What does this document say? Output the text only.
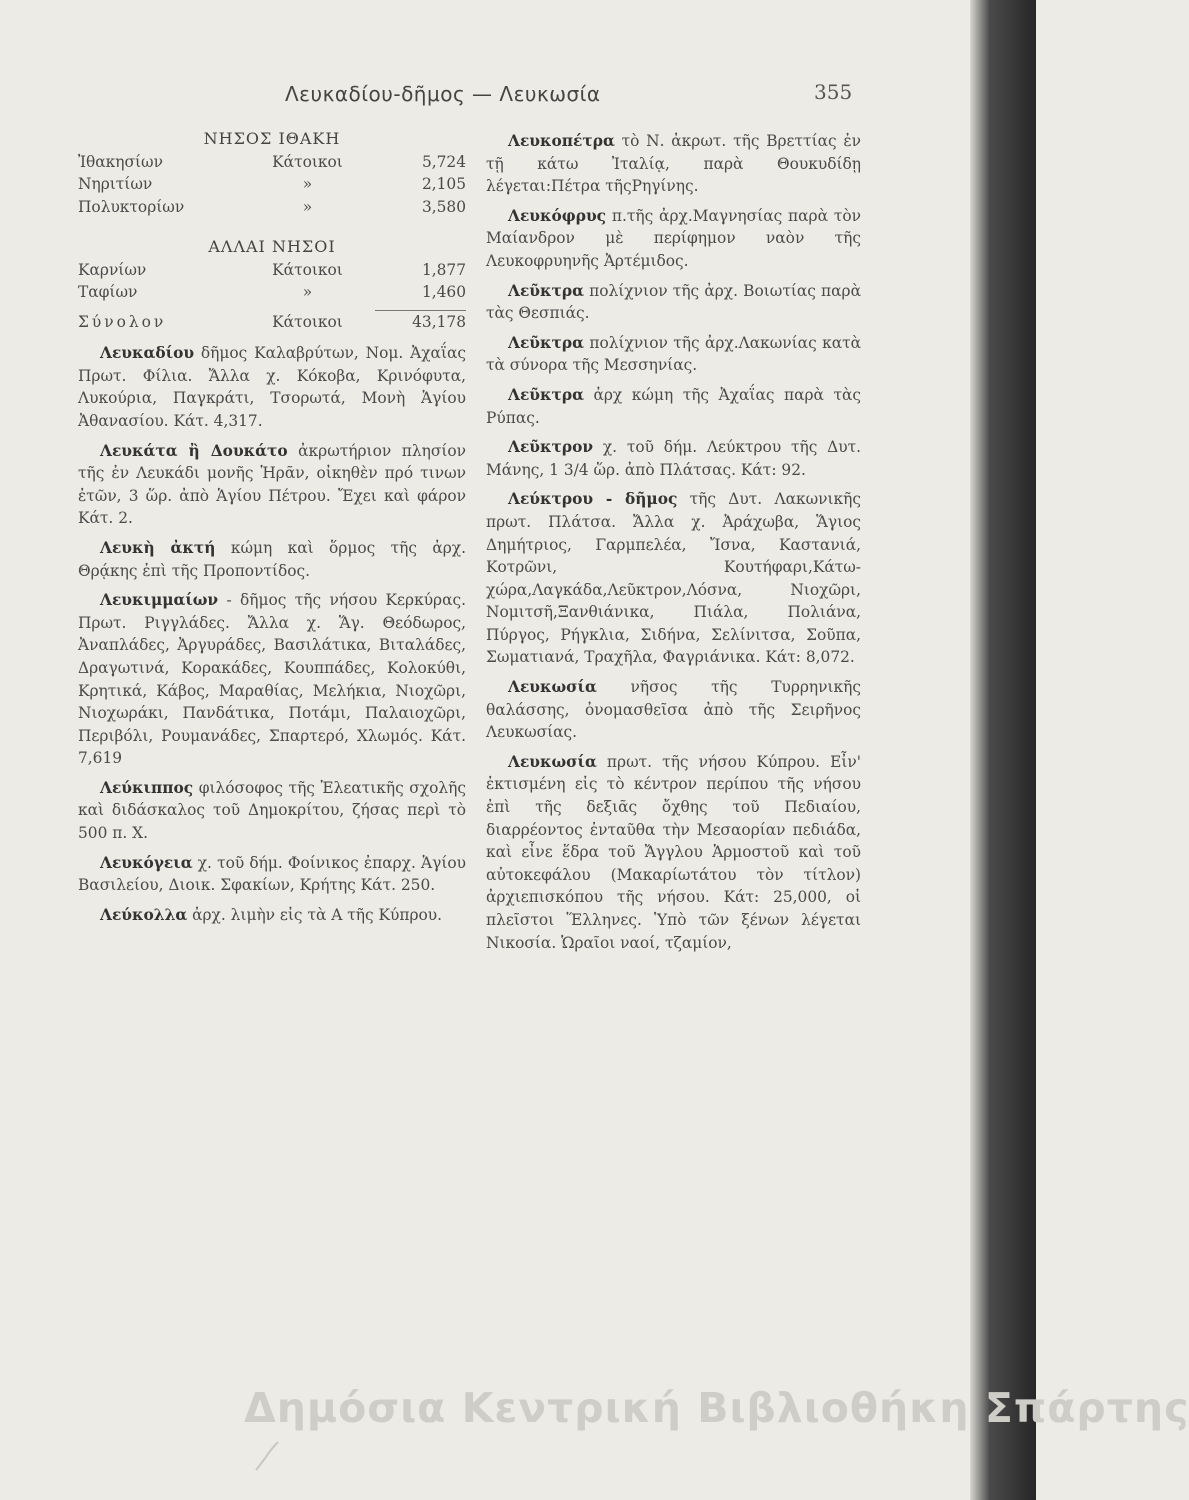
Λευκαδίου-δῆμος — Λευκωσία	355
ΝΗΣΟΣ ΙΘΑΚΗ
Ἰθακησίων	Κάτοικοι	5,724
Νηριτίων	»	2,105
Πολυκτορίων	»	3,580
ΑΛΛΑΙ ΝΗΣΟΙ
Καρνίων	Κάτοικοι	1,877
Ταφίων	»	1,460
Σύνολον	Κάτοικοι	43,178

Λευκαδίου δῆμος Καλαβρύτων, Νομ. Ἀχαΐας Πρωτ. Φίλια. Ἄλλα χ. Κόκοβα, Κρινόφυτα, Λυκούρια, Παγκράτι, Τσορωτά, Μονὴ Ἁγίου Ἀθανασίου. Κάτ. 4,317.

Λευκάτα ἢ Δουκάτο ἀκρωτήριον πλησίον τῆς ἐν Λευκάδι μονῆς Ἡρᾶν, οἰκηθὲν πρό τινων ἐτῶν, 3 ὥρ. ἀπὸ Ἁγίου Πέτρου. Ἔχει καὶ φάρον Κάτ. 2.

Λευκὴ ἀκτή κώμη καὶ ὅρμος τῆς ἀρχ. Θρᾴκης ἐπὶ τῆς Προποντίδος.

Λευκιμμαίων - δῆμος τῆς νήσου Κερκύρας. Πρωτ. Ριγγλάδες. Ἄλλα χ. Ἅγ. Θεόδωρος, Ἀναπλάδες, Ἀργυράδες, Βασιλάτικα, Βιταλάδες, Δραγωτινά, Κορακάδες, Κουππάδες, Κολοκύθι, Κρητικά, Κάβος, Μαραθίας, Μελήκια, Νιοχῶρι, Νιοχωράκι, Πανδάτικα, Ποτάμι, Παλαιοχῶρι, Περιβόλι, Ρουμανάδες, Σπαρτερό, Χλωμός. Κάτ. 7,619

Λεύκιππος φιλόσοφος τῆς Ἐλεατικῆς σχολῆς καὶ διδάσκαλος τοῦ Δημοκρίτου, ζήσας περὶ τὸ 500 π. Χ.

Λευκόγεια χ. τοῦ δήμ. Φοίνικος ἐπαρχ. Ἁγίου Βασιλείου, Διοικ. Σφακίων, Κρήτης Κάτ. 250.

Λεύκολλα ἀρχ. λιμὴν εἰς τὰ Α τῆς Κύπρου.

Λευκοπέτρα τὸ Ν. ἀκρωτ. τῆς Βρεττίας ἐν τῇ κάτω Ἰταλίᾳ, παρὰ Θουκυδίδῃ λέγεται:Πέτρα τῆςΡηγίνης.

Λευκόφρυς π.τῆς ἀρχ.Μαγνησίας παρὰ τὸν Μαίανδρον μὲ περίφημον ναὸν τῆς Λευκοφρυηνῆς Ἀρτέμιδος.

Λεῦκτρα πολίχνιον τῆς ἀρχ. Βοιωτίας παρὰ τὰς Θεσπιάς.

Λεῦκτρα πολίχνιον τῆς ἀρχ.Λακωνίας κατὰ τὰ σύνορα τῆς Μεσσηνίας.

Λεῦκτρα ἀρχ κώμη τῆς Ἀχαΐας παρὰ τὰς Ρύπας.

Λεῦκτρον χ. τοῦ δήμ. Λεύκτρου τῆς Δυτ. Μάνης, 1 3/4 ὥρ. ἀπὸ Πλάτσας. Κάτ: 92.

Λεύκτρου - δῆμος τῆς Δυτ. Λακωνικῆς πρωτ. Πλάτσα. Ἄλλα χ. Ἀράχωβα, Ἅγιος Δημήτριος, Γαρμπελέα, Ἴσνα, Καστανιά, Κοτρῶνι, Κουτήφαρι,Κάτω-χώρα,Λαγκάδα,Λεῦκτρον,Λόσνα, Νιοχῶρι, Νομιτσῆ,Ξανθιάνικα, Πιάλα, Πολιάνα, Πύργος, Ρήγκλια, Σιδήνα, Σελίνιτσα, Σοῦπα, Σωματιανά, Τραχῆλα, Φαγριάνικα. Κάτ: 8,072.

Λευκωσία νῆσος τῆς Τυρρηνικῆς θαλάσσης, ὀνομασθεῖσα ἀπὸ τῆς Σειρῆνος Λευκωσίας.

Λευκωσία πρωτ. τῆς νήσου Κύπρου. Εἶν' ἐκτισμένη εἰς τὸ κέντρον περίπου τῆς νήσου ἐπὶ τῆς δεξιᾶς ὄχθης τοῦ Πεδιαίου, διαρρέοντος ἐνταῦθα τὴν Μεσαορίαν πεδιάδα, καὶ εἶνε ἕδρα τοῦ Ἄγγλου Ἁρμοστοῦ καὶ τοῦ αὐτοκεφάλου (Μακαρίωτάτου τὸν τίτλον) ἀρχιεπισκόπου τῆς νήσου. Κάτ: 25,000, οἱ πλεῖστοι Ἕλληνες. Ὑπὸ τῶν ξένων λέγεται Νικοσία. Ὡραῖοι ναοί, τζαμίον,

Δημόσια Κεντρική Βιβλιοθήκη Σπάρτης
